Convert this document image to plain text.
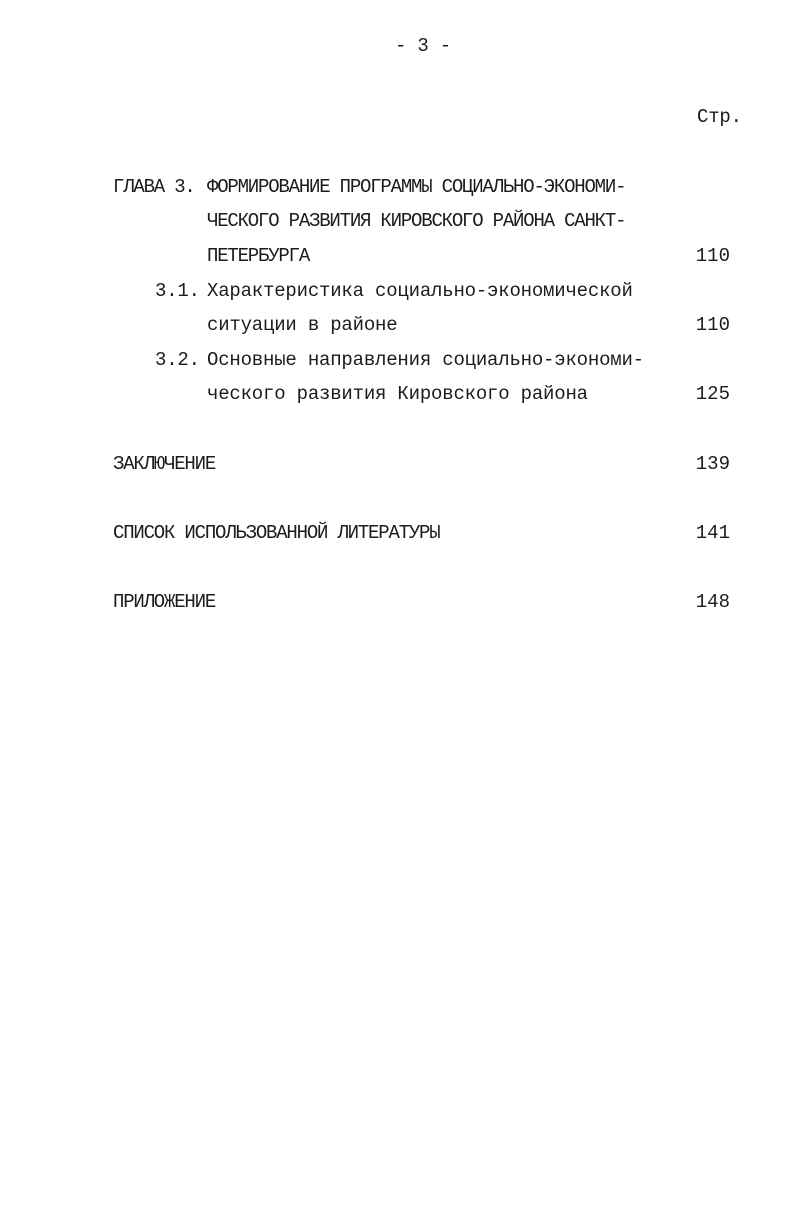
- 3 -
Стр.
ГЛАВА 3. ФОРМИРОВАНИЕ ПРОГРАММЫ СОЦИАЛЬНО-ЭКОНОМИ-
ЧЕСКОГО РАЗВИТИЯ КИРОВСКОГО РАЙОНА САНКТ-
ПЕТЕРБУРГА	110
3.1. Характеристика социально-экономической
ситуации в районе	110
3.2. Основные направления социально-экономи-
ческого развития Кировского района	125
ЗАКЛЮЧЕНИЕ	139
СПИСОК ИСПОЛЬЗОВАННОЙ ЛИТЕРАТУРЫ	141
ПРИЛОЖЕНИЕ	148
